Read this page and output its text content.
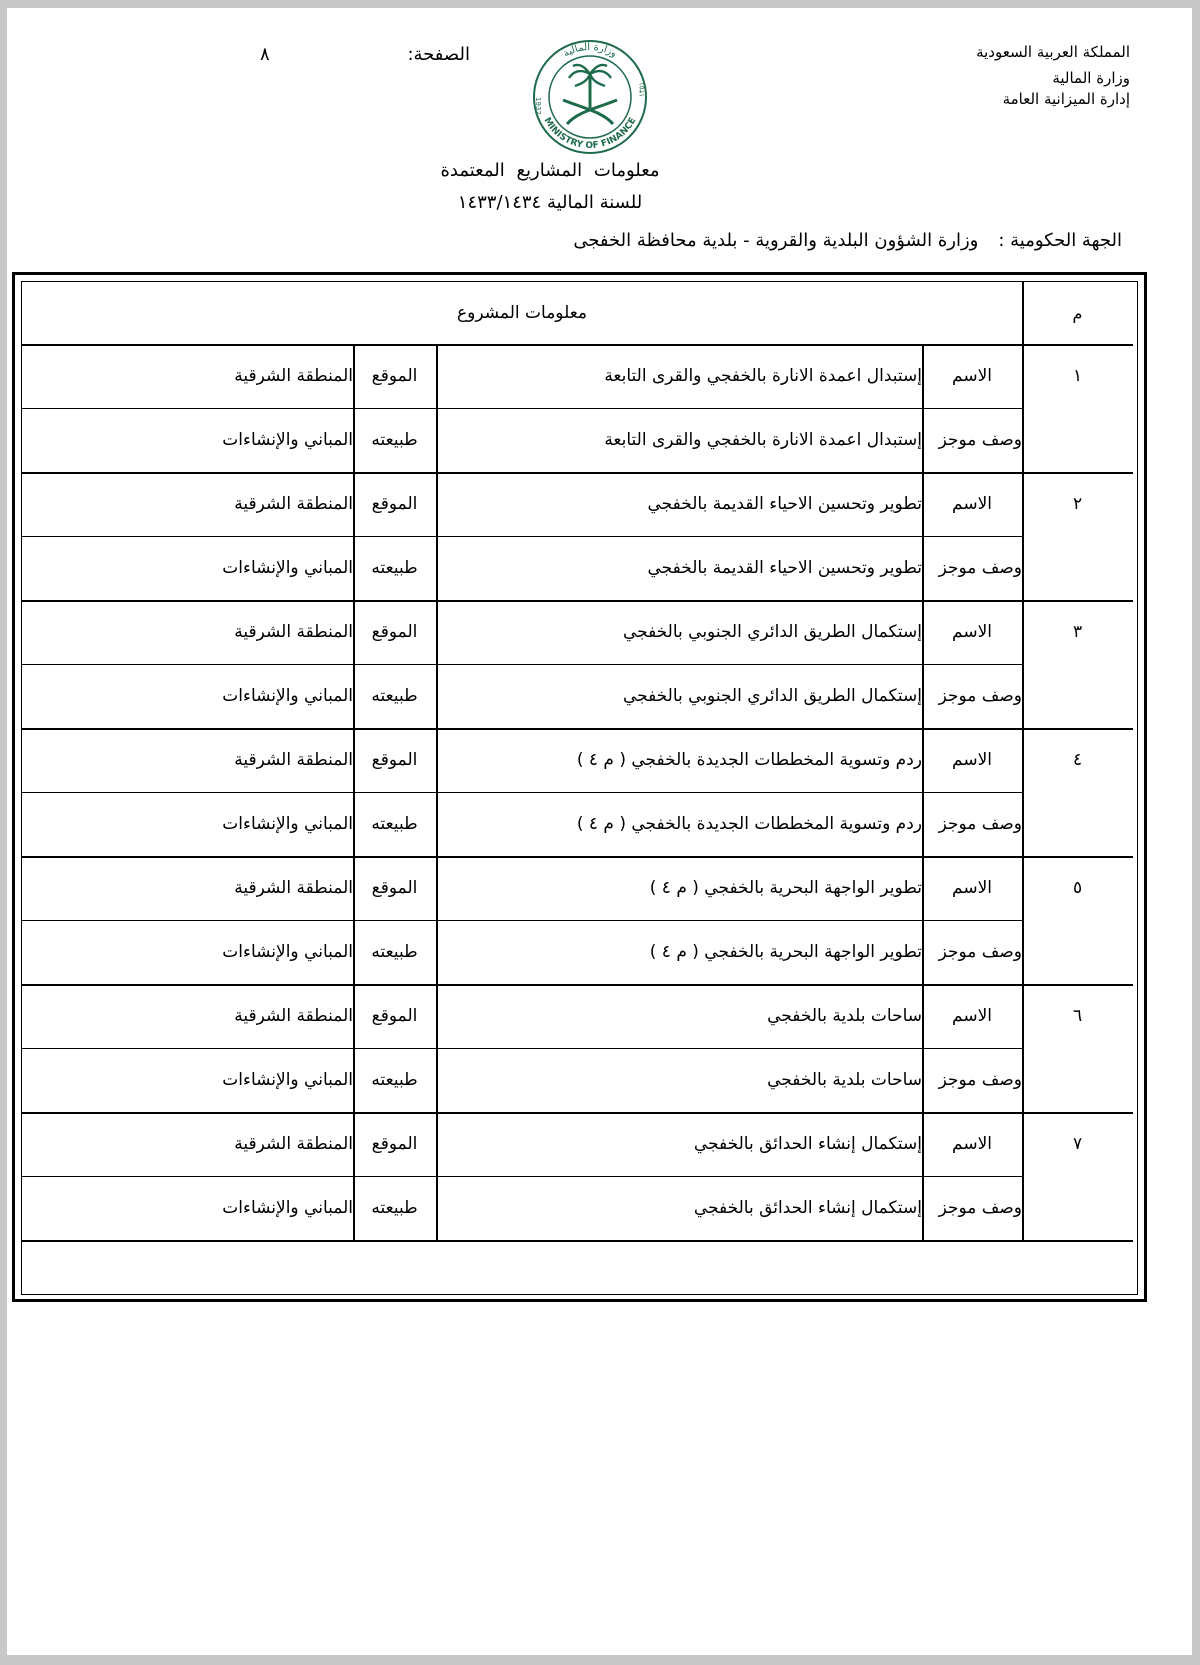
المملكة العربية السعودية
وزارة المالية
إدارة الميزانية العامة
الصفحة:
٨	وزارة المالية
MINISTRY OF FINANCE
1932
١٣٥١
معلومات المشاريع المعتمدة
للسنة المالية ١٤٣٣/١٤٣٤
الجهة الحكومية :وزارة الشؤون البلدية والقروية - بلدية محافظة الخفجى
م
معلومات المشروع
١
الاسم
وصف موجز
إستبدال اعمدة الانارة بالخفجي والقرى التابعة
إستبدال اعمدة الانارة بالخفجي والقرى التابعة
الموقع
طبيعته
المنطقة الشرقية
المباني والإنشاءات
٢
الاسم
وصف موجز
تطوير وتحسين الاحياء القديمة بالخفجي
تطوير وتحسين الاحياء القديمة بالخفجي
الموقع
طبيعته
المنطقة الشرقية
المباني والإنشاءات
٣
الاسم
وصف موجز
إستكمال الطريق الدائري الجنوبي بالخفجي
إستكمال الطريق الدائري الجنوبي بالخفجي
الموقع
طبيعته
المنطقة الشرقية
المباني والإنشاءات
٤
الاسم
وصف موجز
ردم وتسوية المخططات الجديدة بالخفجي ( م ٤ )
ردم وتسوية المخططات الجديدة بالخفجي ( م ٤ )
الموقع
طبيعته
المنطقة الشرقية
المباني والإنشاءات
٥
الاسم
وصف موجز
تطوير الواجهة البحرية بالخفجي ( م ٤ )
تطوير الواجهة البحرية بالخفجي ( م ٤ )
الموقع
طبيعته
المنطقة الشرقية
المباني والإنشاءات
٦
الاسم
وصف موجز
ساحات بلدية بالخفجي
ساحات بلدية بالخفجي
الموقع
طبيعته
المنطقة الشرقية
المباني والإنشاءات
٧
الاسم
وصف موجز
إستكمال إنشاء الحدائق بالخفجي
إستكمال إنشاء الحدائق بالخفجي
الموقع
طبيعته
المنطقة الشرقية
المباني والإنشاءات
